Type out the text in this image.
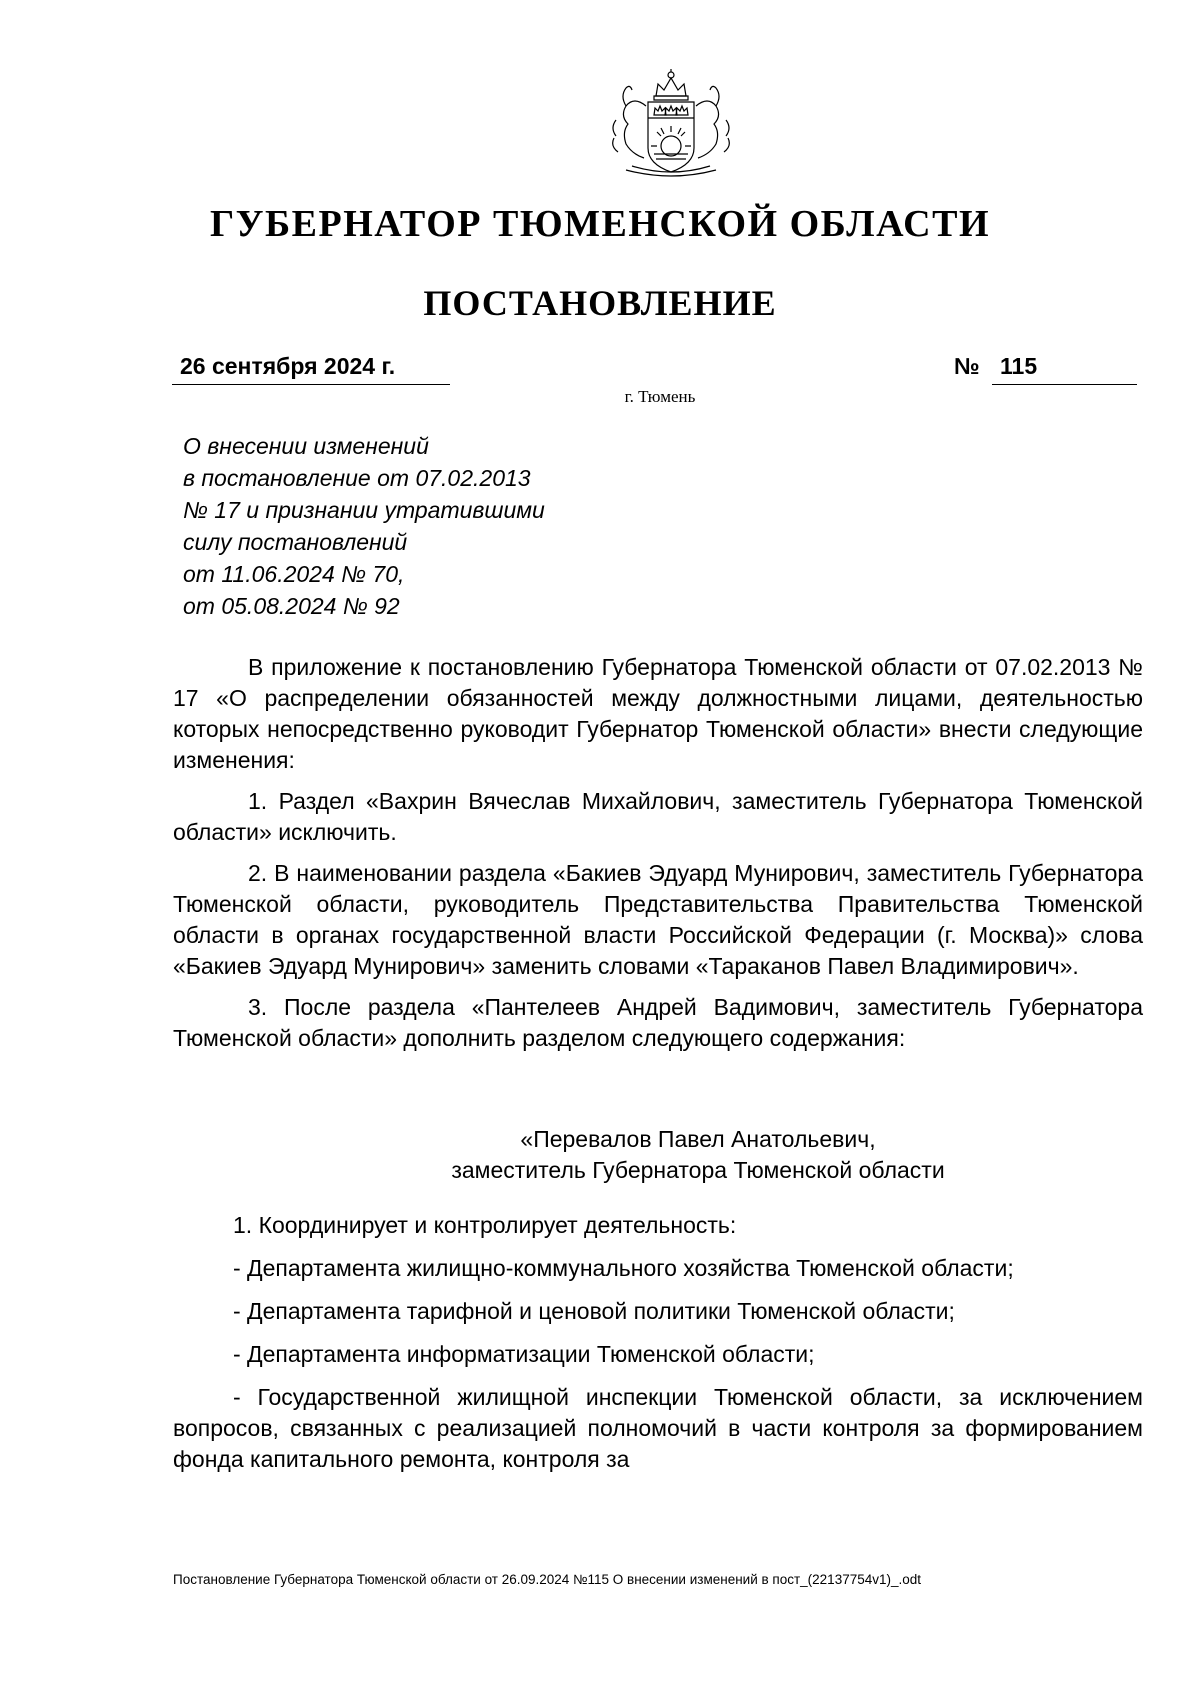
ГУБЕРНАТОР ТЮМЕНСКОЙ ОБЛАСТИ
ПОСТАНОВЛЕНИЕ
26 сентября 2024 г.	№ 115
г. Тюмень
О внесении изменений
в постановление от 07.02.2013
№ 17 и признании утратившими
силу постановлений
от 11.06.2024 № 70,
от 05.08.2024 № 92

В приложение к постановлению Губернатора Тюменской области от 07.02.2013 № 17 «О распределении обязанностей между должностными лицами, деятельностью которых непосредственно руководит Губернатор Тюменской области» внести следующие изменения:

1. Раздел «Вахрин Вячеслав Михайлович, заместитель Губернатора Тюменской области» исключить.

2. В наименовании раздела «Бакиев Эдуард Мунирович, заместитель Губернатора Тюменской области, руководитель Представительства Правительства Тюменской области в органах государственной власти Российской Федерации (г. Москва)» слова «Бакиев Эдуард Мунирович» заменить словами «Тараканов Павел Владимирович».

3. После раздела «Пантелеев Андрей Вадимович, заместитель Губернатора Тюменской области» дополнить разделом следующего содержания:

«Перевалов Павел Анатольевич,
заместитель Губернатора Тюменской области

1. Координирует и контролирует деятельность:

- Департамента жилищно-коммунального хозяйства Тюменской области;

- Департамента тарифной и ценовой политики Тюменской области;

- Департамента информатизации Тюменской области;

- Государственной жилищной инспекции Тюменской области, за исключением вопросов, связанных с реализацией полномочий в части контроля за формированием фонда капитального ремонта, контроля за

Постановление Губернатора Тюменской области от 26.09.2024 №115 О внесении изменений в пост_(22137754v1)_.odt
